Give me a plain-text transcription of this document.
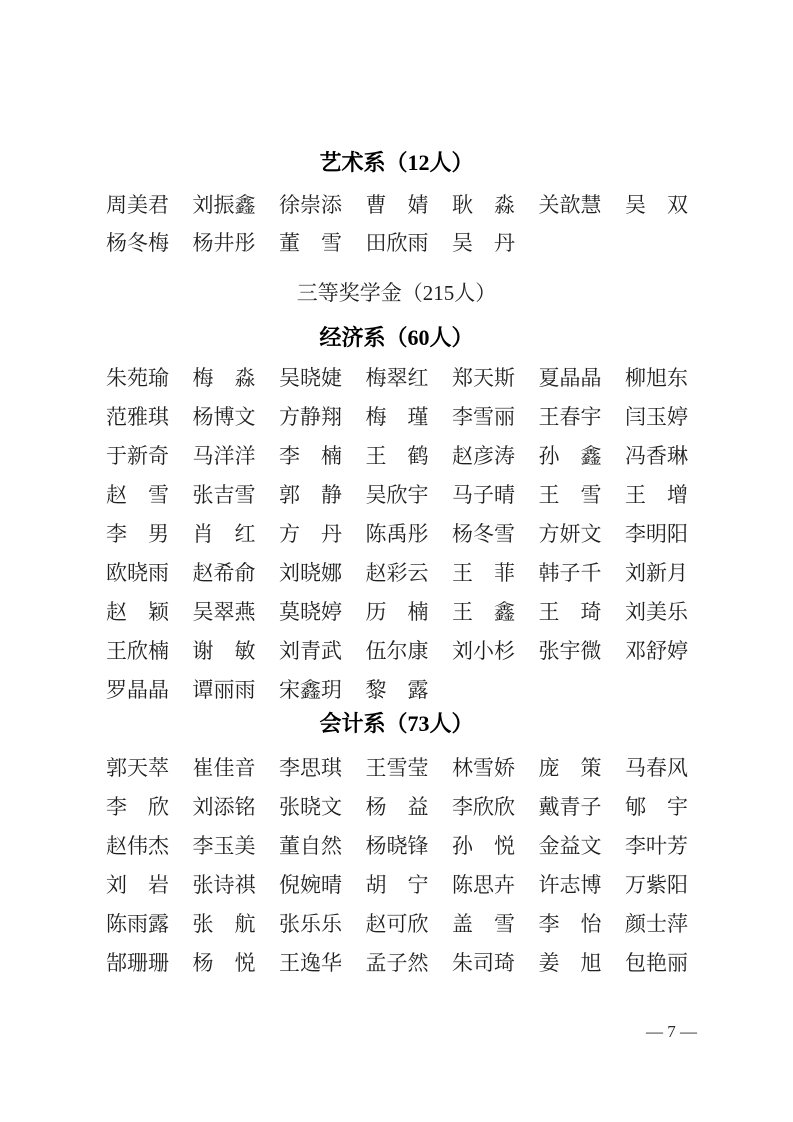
艺术系（12人）
周 美 君 刘 振 鑫 徐 崇 添 曹 婧 耿 淼 关 歆 慧 吴 双
杨 冬 梅 杨 井 彤 董 雪 田 欣 雨 吴 丹
三等奖学金（215人）
经济系（60人）
朱 苑 瑜 梅 淼 吴 晓 婕 梅 翠 红 郑 天 斯 夏 晶 晶 柳 旭 东
范 雅 琪 杨 博 文 方 静 翔 梅 瑾 李 雪 丽 王 春 宇 闫 玉 婷
于 新 奇 马 洋 洋 李 楠 王 鹤 赵 彦 涛 孙 鑫 冯 香 琳
赵 雪 张 吉 雪 郭 静 吴 欣 宇 马 子 晴 王 雪 王 增
李 男 肖 红 方 丹 陈 禹 彤 杨 冬 雪 方 妍 文 李 明 阳
欧 晓 雨 赵 希 俞 刘 晓 娜 赵 彩 云 王 菲 韩 子 千 刘 新 月
赵 颖 吴 翠 燕 莫 晓 婷 历 楠 王 鑫 王 琦 刘 美 乐
王 欣 楠 谢 敏 刘 青 武 伍 尔 康 刘 小 杉 张 宇 微 邓 舒 婷
罗 晶 晶 谭 丽 雨 宋 鑫 玥 黎 露
会计系（73人）
郭 天 萃 崔 佳 音 李 思 琪 王 雪 莹 林 雪 娇 庞 策 马 春 风
李 欣 刘 添 铭 张 晓 文 杨 益 李 欣 欣 戴 青 子 郇 宇
赵 伟 杰 李 玉 美 董 自 然 杨 晓 锋 孙 悦 金 益 文 李 叶 芳
刘 岩 张 诗 祺 倪 婉 晴 胡 宁 陈 思 卉 许 志 博 万 紫 阳
陈 雨 露 张 航 张 乐 乐 赵 可 欣 盖 雪 李 怡 颜 士 萍
郜 珊 珊 杨 悦 王 逸 华 孟 子 然 朱 司 琦 姜 旭 包 艳 丽

— 7 —
